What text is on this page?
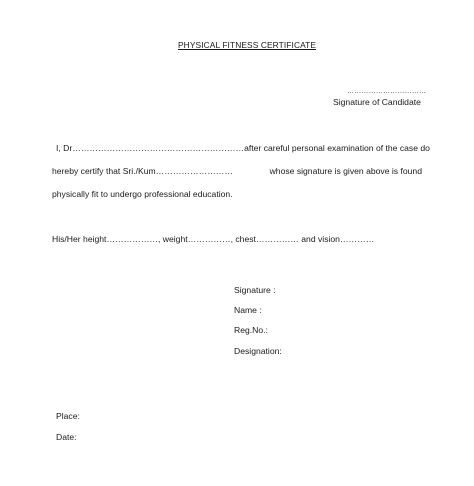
PHYSICAL FITNESS CERTIFICATE
……………………………
Signature of Candidate
I, Dr…………………………………………………… after careful personal examination of the case do
hereby certify that Sri./Kum………………………	whose signature is given above is found
physically fit to undergo professional education.
His/Her height………………, weight……………, chest…………… and vision…………
Signature :
Name :
Reg.No.:
Designation:
Place:
Date:
